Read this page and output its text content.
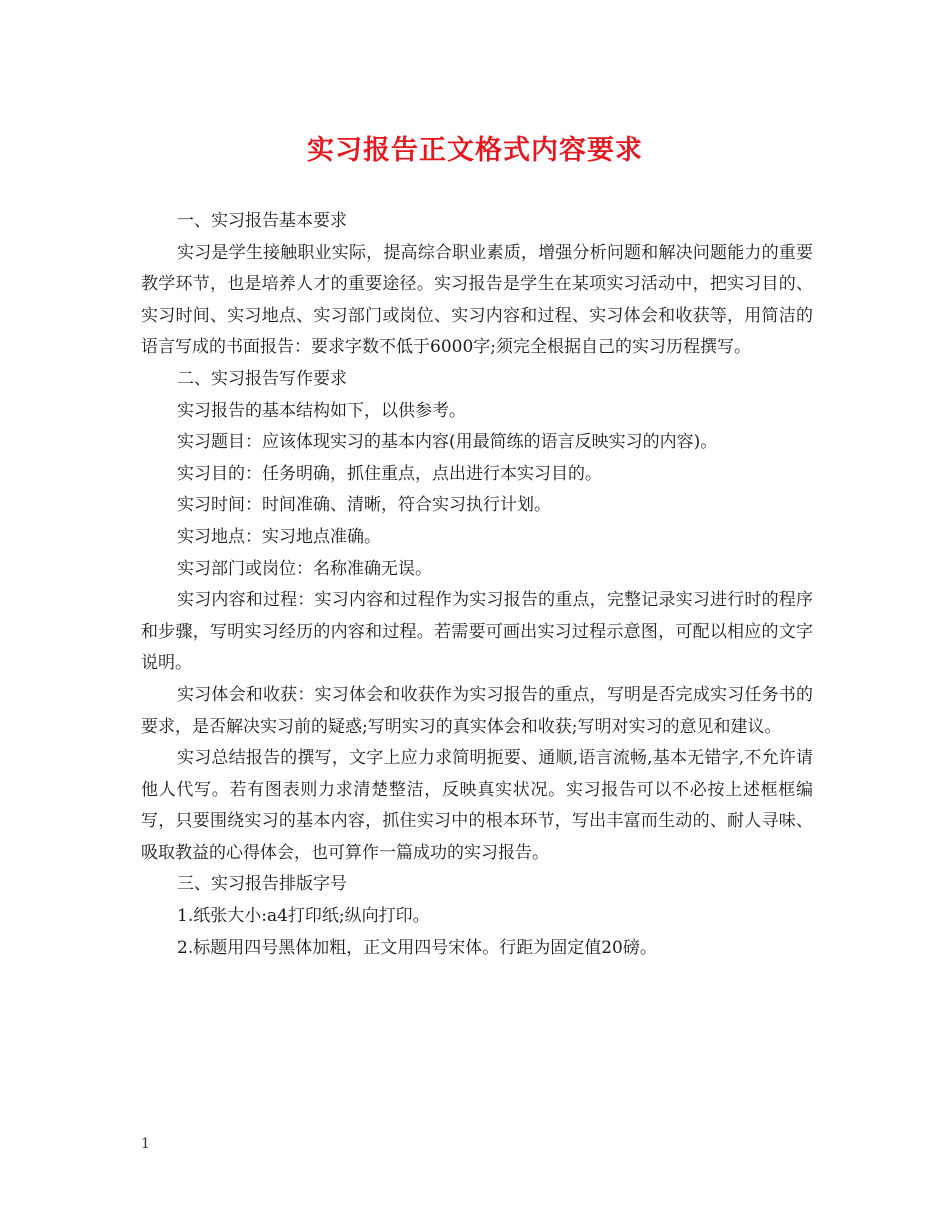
实习报告正文格式内容要求

一、实习报告基本要求

实习是学生接触职业实际，提高综合职业素质，增强分析问题和解决问题能力的重要教学环节，也是培养人才的重要途径。实习报告是学生在某项实习活动中，把实习目的、实习时间、实习地点、实习部门或岗位、实习内容和过程、实习体会和收获等，用简洁的语言写成的书面报告：要求字数不低于6000字;须完全根据自己的实习历程撰写。

二、实习报告写作要求

实习报告的基本结构如下，以供参考。

实习题目：应该体现实习的基本内容(用最简练的语言反映实习的内容)。

实习目的：任务明确，抓住重点，点出进行本实习目的。

实习时间：时间准确、清晰，符合实习执行计划。

实习地点：实习地点准确。

实习部门或岗位：名称准确无误。

实习内容和过程：实习内容和过程作为实习报告的重点，完整记录实习进行时的程序和步骤，写明实习经历的内容和过程。若需要可画出实习过程示意图，可配以相应的文字说明。

实习体会和收获：实习体会和收获作为实习报告的重点，写明是否完成实习任务书的要求，是否解决实习前的疑惑;写明实习的真实体会和收获;写明对实习的意见和建议。

实习总结报告的撰写，文字上应力求简明扼要、通顺,语言流畅,基本无错字,不允许请他人代写。若有图表则力求清楚整洁，反映真实状况。实习报告可以不必按上述框框编写，只要围绕实习的基本内容，抓住实习中的根本环节，写出丰富而生动的、耐人寻味、吸取教益的心得体会，也可算作一篇成功的实习报告。

三、实习报告排版字号

1.纸张大小:a4打印纸;纵向打印。

2.标题用四号黑体加粗，正文用四号宋体。行距为固定值20磅。

1
